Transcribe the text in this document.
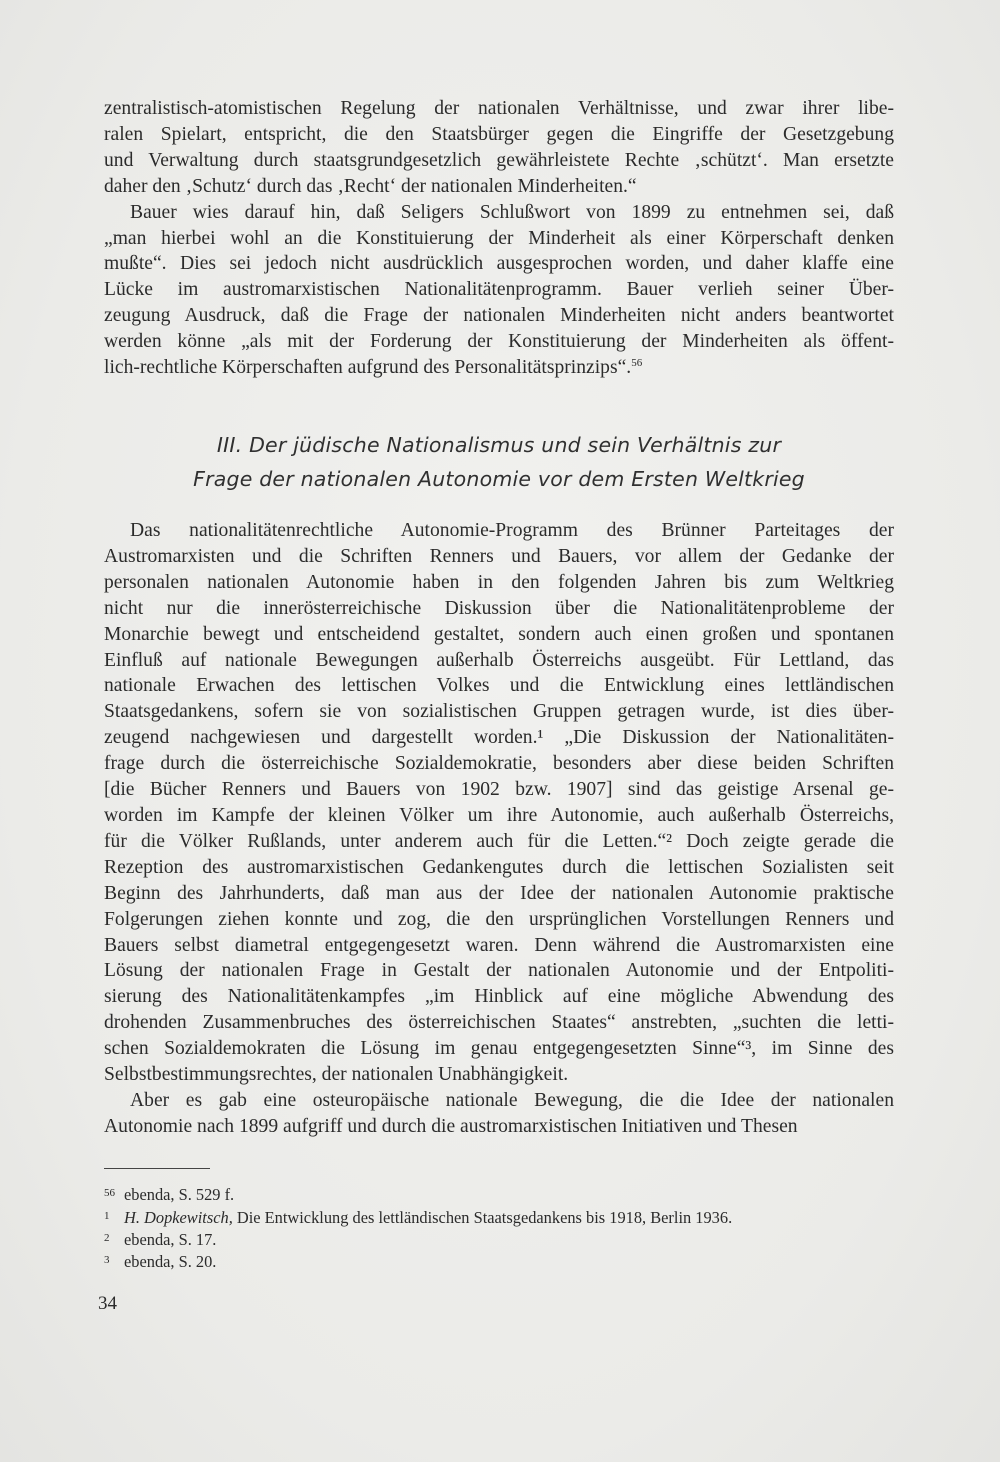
zentralistisch-atomistischen Regelung der nationalen Verhältnisse, und zwar ihrer libe-
ralen Spielart, entspricht, die den Staatsbürger gegen die Eingriffe der Gesetzgebung
und Verwaltung durch staatsgrundgesetzlich gewährleistete Rechte ‚schützt‘. Man ersetzte
daher den ‚Schutz‘ durch das ‚Recht‘ der nationalen Minderheiten.“

Bauer wies darauf hin, daß Seligers Schlußwort von 1899 zu entnehmen sei, daß
„man hierbei wohl an die Konstituierung der Minderheit als einer Körperschaft denken
mußte“. Dies sei jedoch nicht ausdrücklich ausgesprochen worden, und daher klaffe eine
Lücke im austromarxistischen Nationalitätenprogramm. Bauer verlieh seiner Über-
zeugung Ausdruck, daß die Frage der nationalen Minderheiten nicht anders beantwortet
werden könne „als mit der Forderung der Konstituierung der Minderheiten als öffent-
lich-rechtliche Körperschaften aufgrund des Personalitätsprinzips“.$^{56}$

III. Der jüdische Nationalismus und sein Verhältnis zur
Frage der nationalen Autonomie vor dem Ersten Weltkrieg

Das nationalitätenrechtliche Autonomie-Programm des Brünner Parteitages der
Austromarxisten und die Schriften Renners und Bauers, vor allem der Gedanke der
personalen nationalen Autonomie haben in den folgenden Jahren bis zum Weltkrieg
nicht nur die innerösterreichische Diskussion über die Nationalitätenprobleme der
Monarchie bewegt und entscheidend gestaltet, sondern auch einen großen und spontanen
Einfluß auf nationale Bewegungen außerhalb Österreichs ausgeübt. Für Lettland, das
nationale Erwachen des lettischen Volkes und die Entwicklung eines lettländischen
Staatsgedankens, sofern sie von sozialistischen Gruppen getragen wurde, ist dies über-
zeugend nachgewiesen und dargestellt worden.¹ „Die Diskussion der Nationalitäten-
frage durch die österreichische Sozialdemokratie, besonders aber diese beiden Schriften
[die Bücher Renners und Bauers von 1902 bzw. 1907] sind das geistige Arsenal ge-
worden im Kampfe der kleinen Völker um ihre Autonomie, auch außerhalb Österreichs,
für die Völker Rußlands, unter anderem auch für die Letten.“² Doch zeigte gerade die
Rezeption des austromarxistischen Gedankengutes durch die lettischen Sozialisten seit
Beginn des Jahrhunderts, daß man aus der Idee der nationalen Autonomie praktische
Folgerungen ziehen konnte und zog, die den ursprünglichen Vorstellungen Renners und
Bauers selbst diametral entgegengesetzt waren. Denn während die Austromarxisten eine
Lösung der nationalen Frage in Gestalt der nationalen Autonomie und der Entpoliti-
sierung des Nationalitätenkampfes „im Hinblick auf eine mögliche Abwendung des
drohenden Zusammenbruches des österreichischen Staates“ anstrebten, „suchten die letti-
schen Sozialdemokraten die Lösung im genau entgegengesetzten Sinne“³, im Sinne des
Selbstbestimmungsrechtes, der nationalen Unabhängigkeit.

Aber es gab eine osteuropäische nationale Bewegung, die die Idee der nationalen
Autonomie nach 1899 aufgriff und durch die austromarxistischen Initiativen und Thesen

56 ebenda, S. 529 f.
1 H. Dopkewitsch, Die Entwicklung des lettländischen Staatsgedankens bis 1918, Berlin 1936.
2 ebenda, S. 17.
3 ebenda, S. 20.
34
